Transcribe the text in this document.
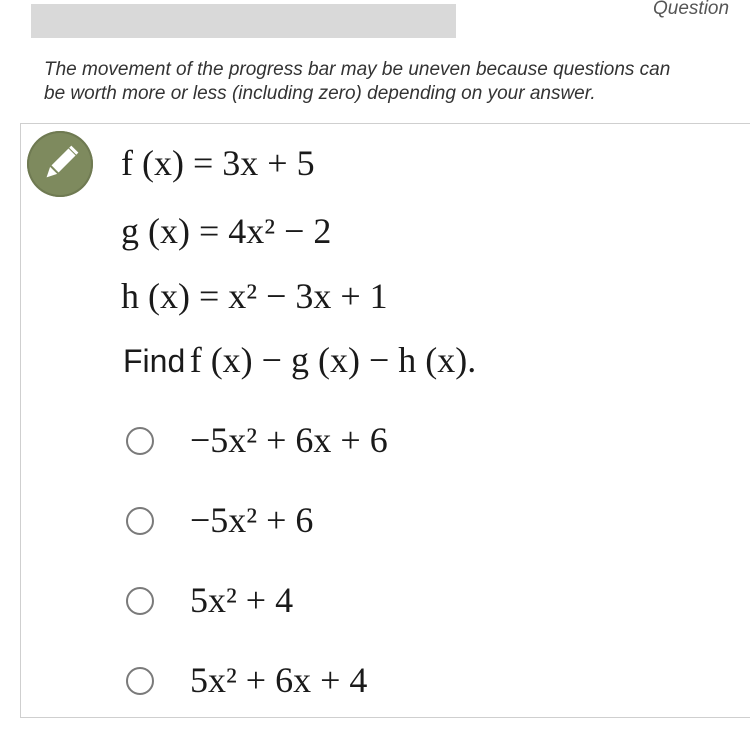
Question
The movement of the progress bar may be uneven because questions can
be worth more or less (including zero) depending on your answer.
f (x) = 3x + 5
g (x) = 4x² − 2
h (x) = x² − 3x + 1
Find f (x) − g (x) − h (x).
−5x² + 6x + 6
−5x² + 6
5x² + 4
5x² + 6x + 4
